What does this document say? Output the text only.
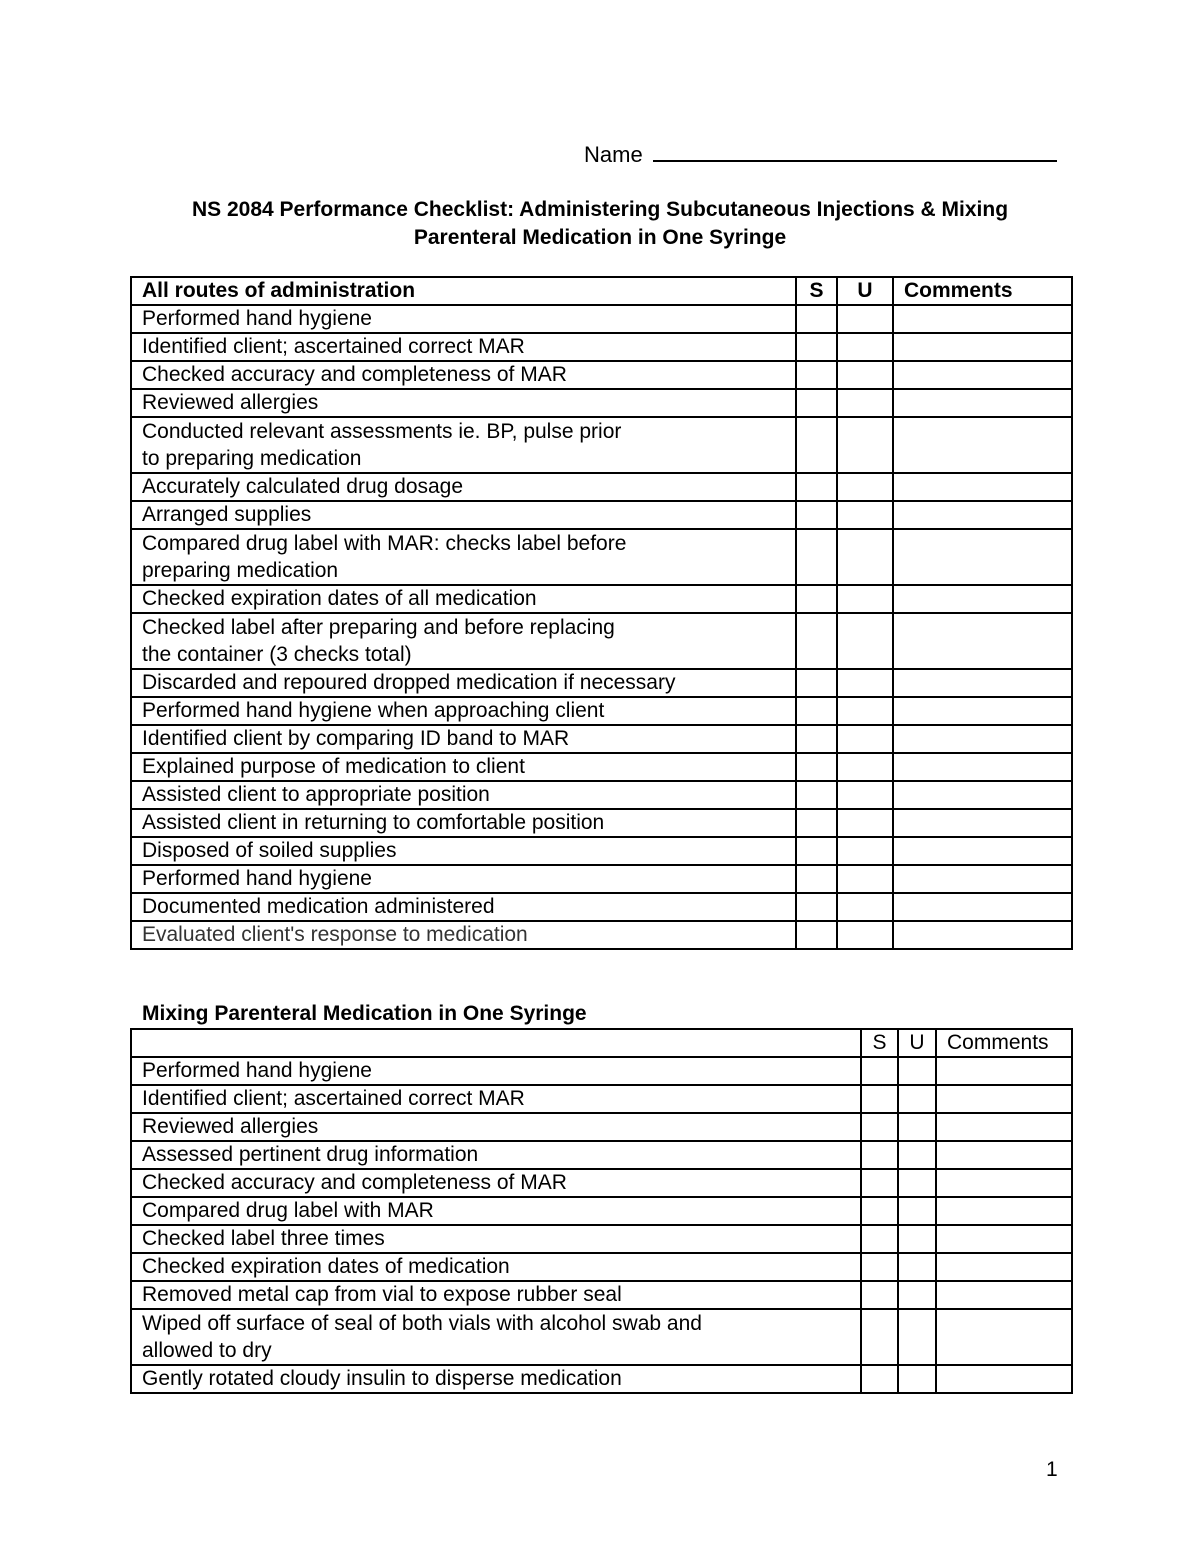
Name
NS 2084 Performance Checklist: Administering Subcutaneous Injections & Mixing
Parenteral Medication in One Syringe
All routes of administration	S	U	Comments
Performed hand hygiene			
Identified client; ascertained correct MAR			
Checked accuracy and completeness of MAR			
Reviewed allergies			
Conducted relevant assessments ie. BP, pulse prior
to preparing medication			
Accurately calculated drug dosage			
Arranged supplies			
Compared drug label with MAR: checks label before
preparing medication			
Checked expiration dates of all medication			
Checked label after preparing and before replacing
the container (3 checks total)			
Discarded and repoured dropped medication if necessary			
Performed hand hygiene when approaching client			
Identified client by comparing ID band to MAR			
Explained purpose of medication to client			
Assisted client to appropriate position			
Assisted client in returning to comfortable position			
Disposed of soiled supplies			
Performed hand hygiene			
Documented medication administered			
Evaluated client's response to medication			
Mixing Parenteral Medication in One Syringe
	S	U	Comments
Performed hand hygiene			
Identified client; ascertained correct MAR			
Reviewed allergies			
Assessed pertinent drug information			
Checked accuracy and completeness of MAR			
Compared drug label with MAR			
Checked label three times			
Checked expiration dates of medication			
Removed metal cap from vial to expose rubber seal			
Wiped off surface of seal of both vials with alcohol swab and
allowed to dry			
Gently rotated cloudy insulin to disperse medication			
1
